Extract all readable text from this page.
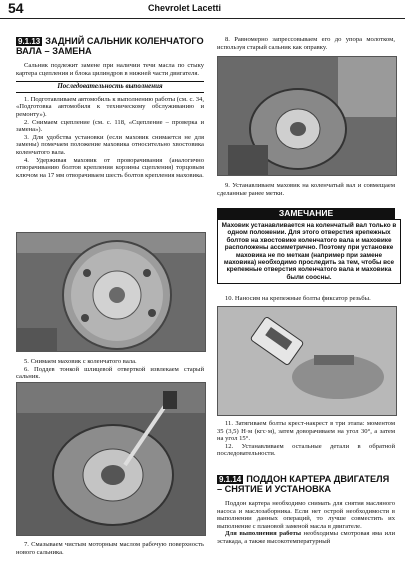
54	Chevrolet Lacetti
9.1.13 ЗАДНИЙ САЛЬНИК КОЛЕНЧАТОГО ВАЛА – ЗАМЕНА

Сальник подлежит замене при наличии течи масла по стыку картера сцепления и блока цилиндров в нижней части двигателя.

Последовательность выполнения

1. Подготавливаем автомобиль к выполнению работы (см. с. 34, «Подготовка автомобиля к техническому обслуживанию и ремонту»).

2. Снимаем сцепление (см. с. 118, «Сцепление – проверка и замена»).

3. Для удобства установки (если маховик снимается не для замены) помечаем положение маховика относительно хвостовика коленчатого вала.

4. Удерживая маховик от проворачивания (аналогично отворачиванию болтов крепления корзины сцепления) торцовым ключом на 17 мм отворачиваем шесть болтов крепления маховика.

5. Снимаем маховик с коленчатого вала.

6. Поддев тонкой шлицевой отверткой извлекаем старый сальник.

7. Смазываем чистым моторным маслом рабочую поверхность нового сальника.

8. Равномерно запрессовываем его до упора молотком, используя старый сальник как оправку.

9. Устанавливаем маховик на коленчатый вал и совмещаем сделанные ранее метки.

ЗАМЕЧАНИЕ
Маховик устанавливается на коленчатый вал только в одном положении. Для этого отверстия крепежных болтов на хвостовике коленчатого вала и маховике расположены ассиметрично. Поэтому при установке маховика не по меткам (например при замене маховика) необходимо проследить за тем, чтобы все крепежные отверстия коленчатого вала и маховика были соосны.

10. Наносим на крепежные болты фиксатор резьбы.

11. Затягиваем болты крест-накрест в три этапа: моментом 35 (3,5) Н·м (кгс·м), затем доворачиваем на угол 30°, а затем на угол 15°.

12. Устанавливаем остальные детали в обратной последовательности.

9.1.14 ПОДДОН КАРТЕРА ДВИГАТЕЛЯ – СНЯТИЕ И УСТАНОВКА

Поддон картера необходимо снимать для снятия масляного насоса и маслозаборника. Если нет острой необходимости в выполнении данных операций, то лучше совместить их выполнение с плановой заменой масла в двигателе.

Для выполнения работы необходимы смотровая яма или эстакада, а также высокотемпературный
